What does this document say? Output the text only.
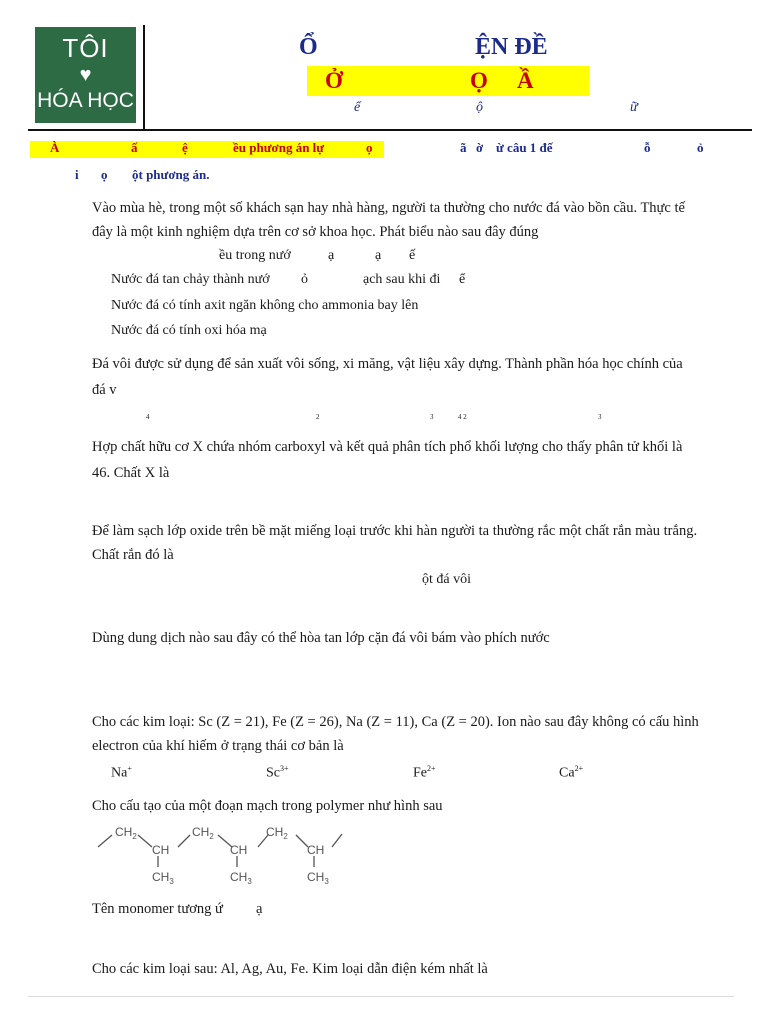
TÔI
♥
HÓA HỌC
Ổ	ỆN ĐỀ
Ở	Ọ Ầ
ể	ộ	ữ
À	ấ	ệ	ều phương án lự	ọ	ã ờ ừ câu 1 đế	ỗ	ỏ
i ọ ột phương án.
Vào mùa hè, trong một số khách sạn hay nhà hàng, người ta thường cho nước đá vào bồn cầu. Thực tế
đây là một kinh nghiệm dựa trên cơ sở khoa học. Phát biểu nào sau đây đúng
ều trong nướ	ạ	ạ ế
Nước đá tan chảy thành nướ ỏ	ạch sau khi đi ể
Nước đá có tính axit ngăn không cho ammonia bay lên
Nước đá có tính oxi hóa mạ
Đá vôi được sử dụng để sản xuất vôi sống, xi măng, vật liệu xây dựng. Thành phần hóa học chính của
đá v
4	2	3	4 2	3
Hợp chất hữu cơ X chứa nhóm carboxyl và kết quả phân tích phổ khối lượng cho thấy phân tử khối là
46. Chất X là
Để làm sạch lớp oxide trên bề mặt miếng loại trước khi hàn người ta thường rắc một chất rắn màu trắng.
Chất rắn đó là
ột đá vôi
Dùng dung dịch nào sau đây có thể hòa tan lớp cặn đá vôi bám vào phích nước
Cho các kim loại: Sc (Z = 21), Fe (Z = 26), Na (Z = 11), Ca (Z = 20). Ion nào sau đây không có cấu hình
electron của khí hiếm ở trạng thái cơ bản là
Na+	$Sc^{3+}$	$Fe^{2+}$	$Ca^{2+}$
Cho cấu tạo của một đoạn mạch trong polymer như hình sau
$CH_2$	$CH_2$	$CH_2$
CH	CH	CH
$CH_3$	$CH_3$	$CH_3$
Tên monomer tương ứ ạ
Cho các kim loại sau: Al, Ag, Au, Fe. Kim loại dẫn điện kém nhất là
